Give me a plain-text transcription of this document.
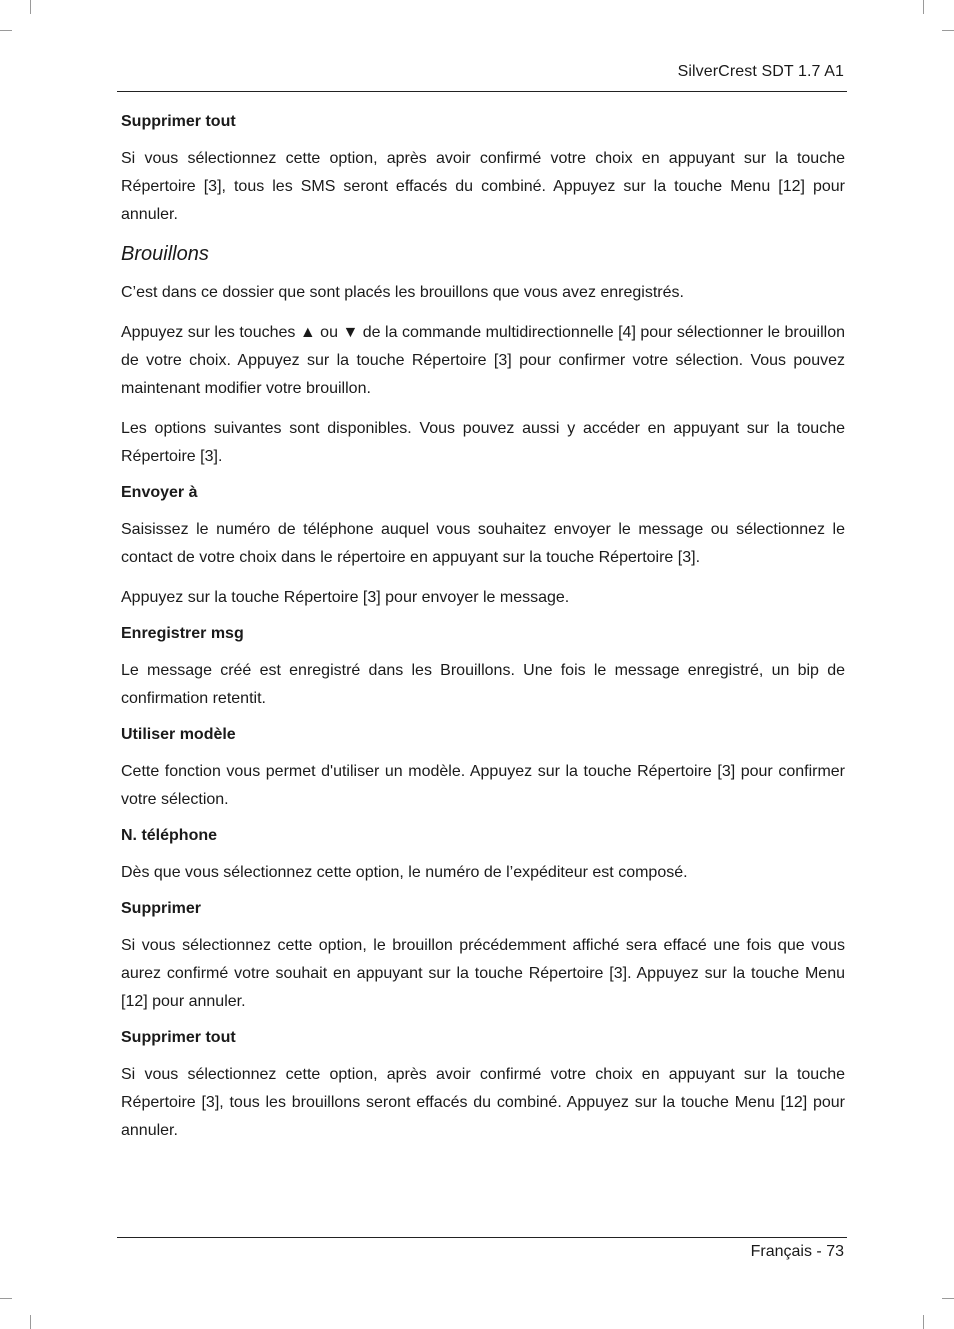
SilverCrest SDT 1.7 A1
Supprimer tout

Si vous sélectionnez cette option, après avoir confirmé votre choix en appuyant sur la touche Répertoire [3], tous les SMS seront effacés du combiné. Appuyez sur la touche Menu [12] pour annuler.

Brouillons

C’est dans ce dossier que sont placés les brouillons que vous avez enregistrés.

Appuyez sur les touches ▲ ou ▼ de la commande multidirectionnelle [4] pour sélectionner le brouillon de votre choix. Appuyez sur la touche Répertoire [3] pour confirmer votre sélection. Vous pouvez maintenant modifier votre brouillon.

Les options suivantes sont disponibles. Vous pouvez aussi y accéder en appuyant sur la touche Répertoire [3].

Envoyer à

Saisissez le numéro de téléphone auquel vous souhaitez envoyer le message ou sélectionnez le contact de votre choix dans le répertoire en appuyant sur la touche Répertoire [3].

Appuyez sur la touche Répertoire [3] pour envoyer le message.

Enregistrer msg

Le message créé est enregistré dans les Brouillons. Une fois le message enregistré, un bip de confirmation retentit.

Utiliser modèle

Cette fonction vous permet d'utiliser un modèle. Appuyez sur la touche Répertoire [3] pour confirmer votre sélection.

N. téléphone

Dès que vous sélectionnez cette option, le numéro de l’expéditeur est composé.

Supprimer

Si vous sélectionnez cette option, le brouillon précédemment affiché sera effacé une fois que vous aurez confirmé votre souhait en appuyant sur la touche Répertoire [3]. Appuyez sur la touche Menu [12] pour annuler.

Supprimer tout

Si vous sélectionnez cette option, après avoir confirmé votre choix en appuyant sur la touche Répertoire [3], tous les brouillons seront effacés du combiné. Appuyez sur la touche Menu [12] pour annuler.

Français - 73
